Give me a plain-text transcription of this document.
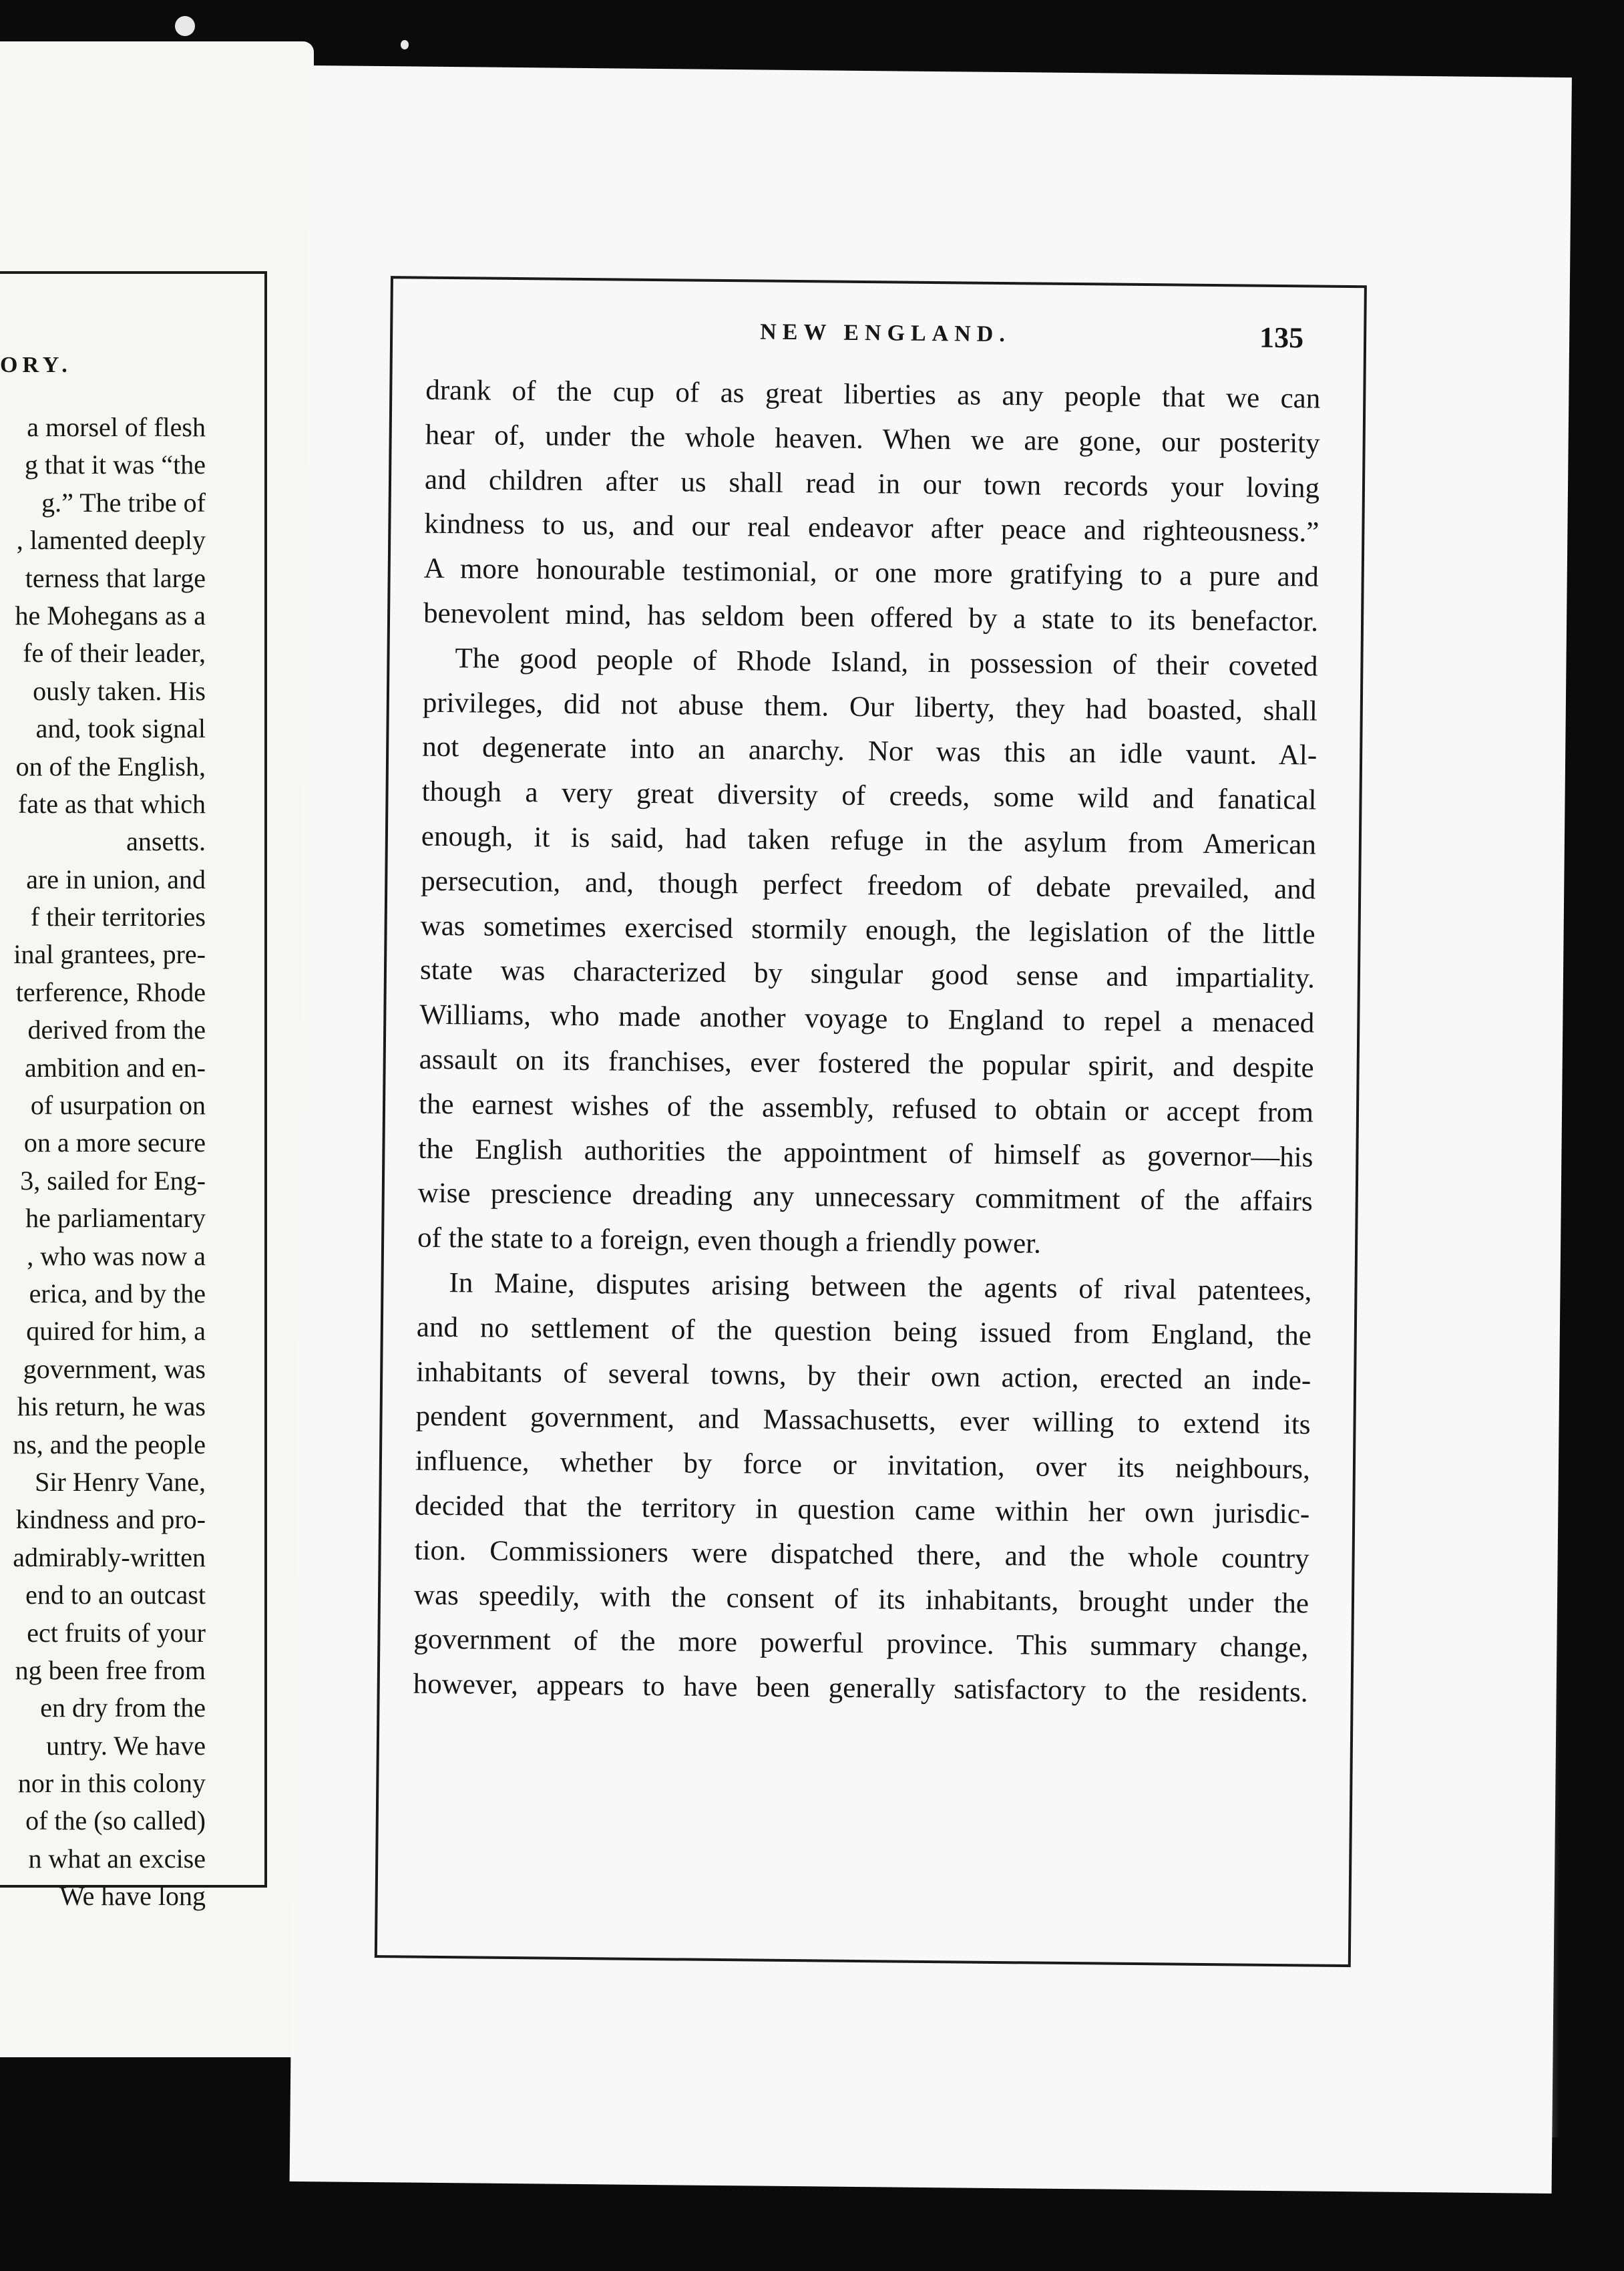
ORY.
a morsel of flesh
g that it was “the
g.” The tribe of
, lamented deeply
terness that large
he Mohegans as a
fe of their leader,
ously taken. His
and, took signal
on of the English,
fate as that which
ansetts.
are in union, and
f their territories
inal grantees, pre-
terference, Rhode
derived from the
ambition and en-
of usurpation on
on a more secure
3, sailed for Eng-
he parliamentary
, who was now a
erica, and by the
quired for him, a
government, was
his return, he was
ns, and the people
Sir Henry Vane,
kindness and pro-
admirably-written
end to an outcast
ect fruits of your
ng been free from
en dry from the
untry. We have
nor in this colony
of the (so called)
n what an excise
We have long
NEW ENGLAND.	135
drank of the cup of as great liberties as any people that we can
hear of, under the whole heaven. When we are gone, our posterity
and children after us shall read in our town records your loving
kindness to us, and our real endeavor after peace and righteousness.”
A more honourable testimonial, or one more gratifying to a pure and
benevolent mind, has seldom been offered by a state to its benefactor.
The good people of Rhode Island, in possession of their coveted
privileges, did not abuse them. Our liberty, they had boasted, shall
not degenerate into an anarchy. Nor was this an idle vaunt. Al-
though a very great diversity of creeds, some wild and fanatical
enough, it is said, had taken refuge in the asylum from American
persecution, and, though perfect freedom of debate prevailed, and
was sometimes exercised stormily enough, the legislation of the little
state was characterized by singular good sense and impartiality.
Williams, who made another voyage to England to repel a menaced
assault on its franchises, ever fostered the popular spirit, and despite
the earnest wishes of the assembly, refused to obtain or accept from
the English authorities the appointment of himself as governor—his
wise prescience dreading any unnecessary commitment of the affairs
of the state to a foreign, even though a friendly power.
In Maine, disputes arising between the agents of rival patentees,
and no settlement of the question being issued from England, the
inhabitants of several towns, by their own action, erected an inde-
pendent government, and Massachusetts, ever willing to extend its
influence, whether by force or invitation, over its neighbours,
decided that the territory in question came within her own jurisdic-
tion. Commissioners were dispatched there, and the whole country
was speedily, with the consent of its inhabitants, brought under the
government of the more powerful province. This summary change,
however, appears to have been generally satisfactory to the residents.
